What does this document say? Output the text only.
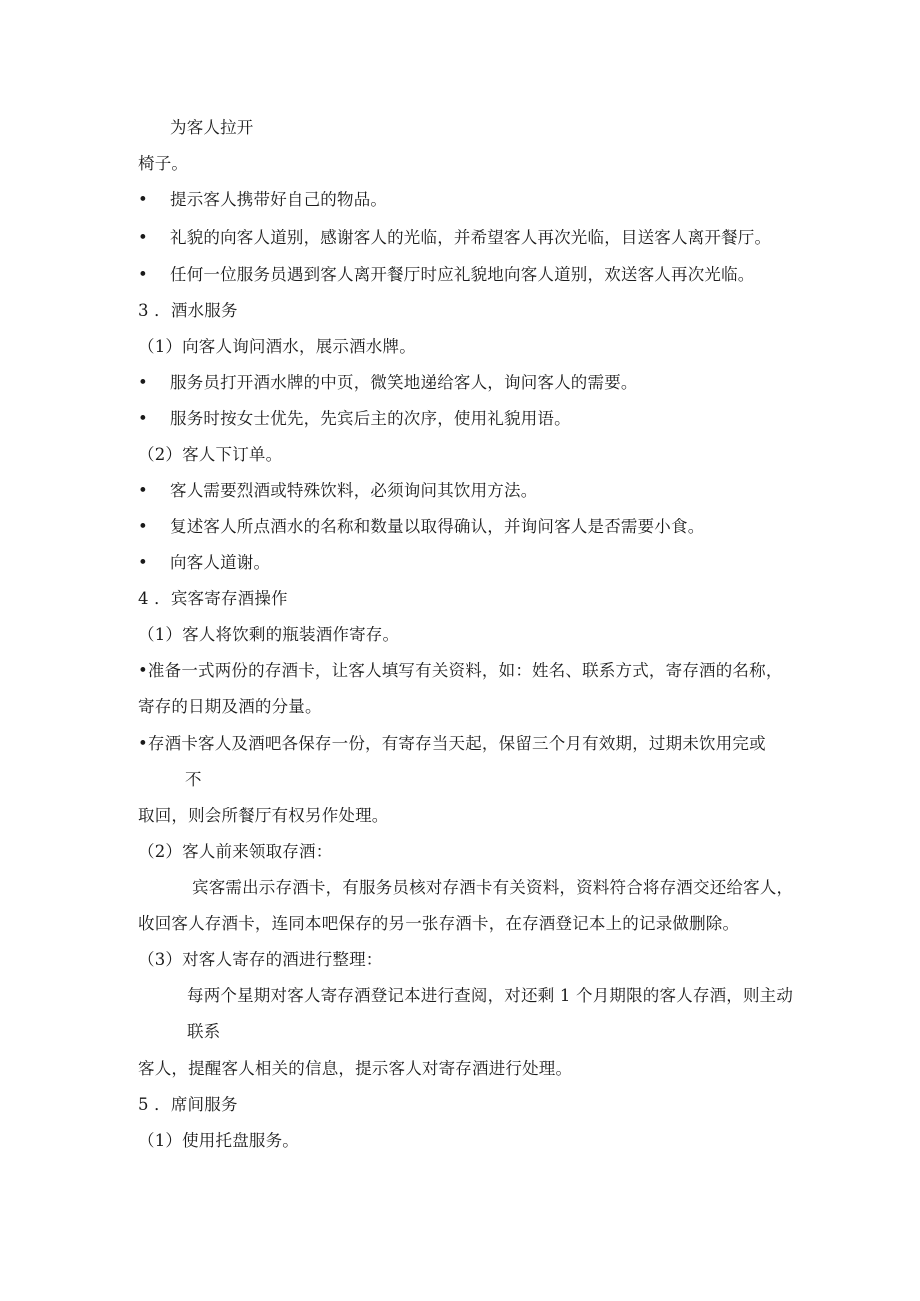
为客人拉开
椅子。
• 提示客人携带好自己的物品。
• 礼貌的向客人道别，感谢客人的光临，并希望客人再次光临，目送客人离开餐厅。
• 任何一位服务员遇到客人离开餐厅时应礼貌地向客人道别，欢送客人再次光临。
3 ．酒水服务
（1）向客人询问酒水，展示酒水牌。
• 服务员打开酒水牌的中页，微笑地递给客人，询问客人的需要。
• 服务时按女士优先，先宾后主的次序，使用礼貌用语。
（2）客人下订单。
• 客人需要烈酒或特殊饮料，必须询问其饮用方法。
• 复述客人所点酒水的名称和数量以取得确认，并询问客人是否需要小食。
• 向客人道谢。
4 ．宾客寄存酒操作
（1）客人将饮剩的瓶装酒作寄存。
•准备一式两份的存酒卡，让客人填写有关资料，如：姓名、联系方式，寄存酒的名称，
寄存的日期及酒的分量。
•存酒卡客人及酒吧各保存一份，有寄存当天起，保留三个月有效期，过期未饮用完或
不
取回，则会所餐厅有权另作处理。
（2）客人前来领取存酒：
宾客需出示存酒卡，有服务员核对存酒卡有关资料，资料符合将存酒交还给客人，
收回客人存酒卡，连同本吧保存的另一张存酒卡，在存酒登记本上的记录做删除。
（3）对客人寄存的酒进行整理：
每两个星期对客人寄存酒登记本进行查阅，对还剩 1 个月期限的客人存酒，则主动
联系
客人，提醒客人相关的信息，提示客人对寄存酒进行处理。
5 ．席间服务
（1）使用托盘服务。
